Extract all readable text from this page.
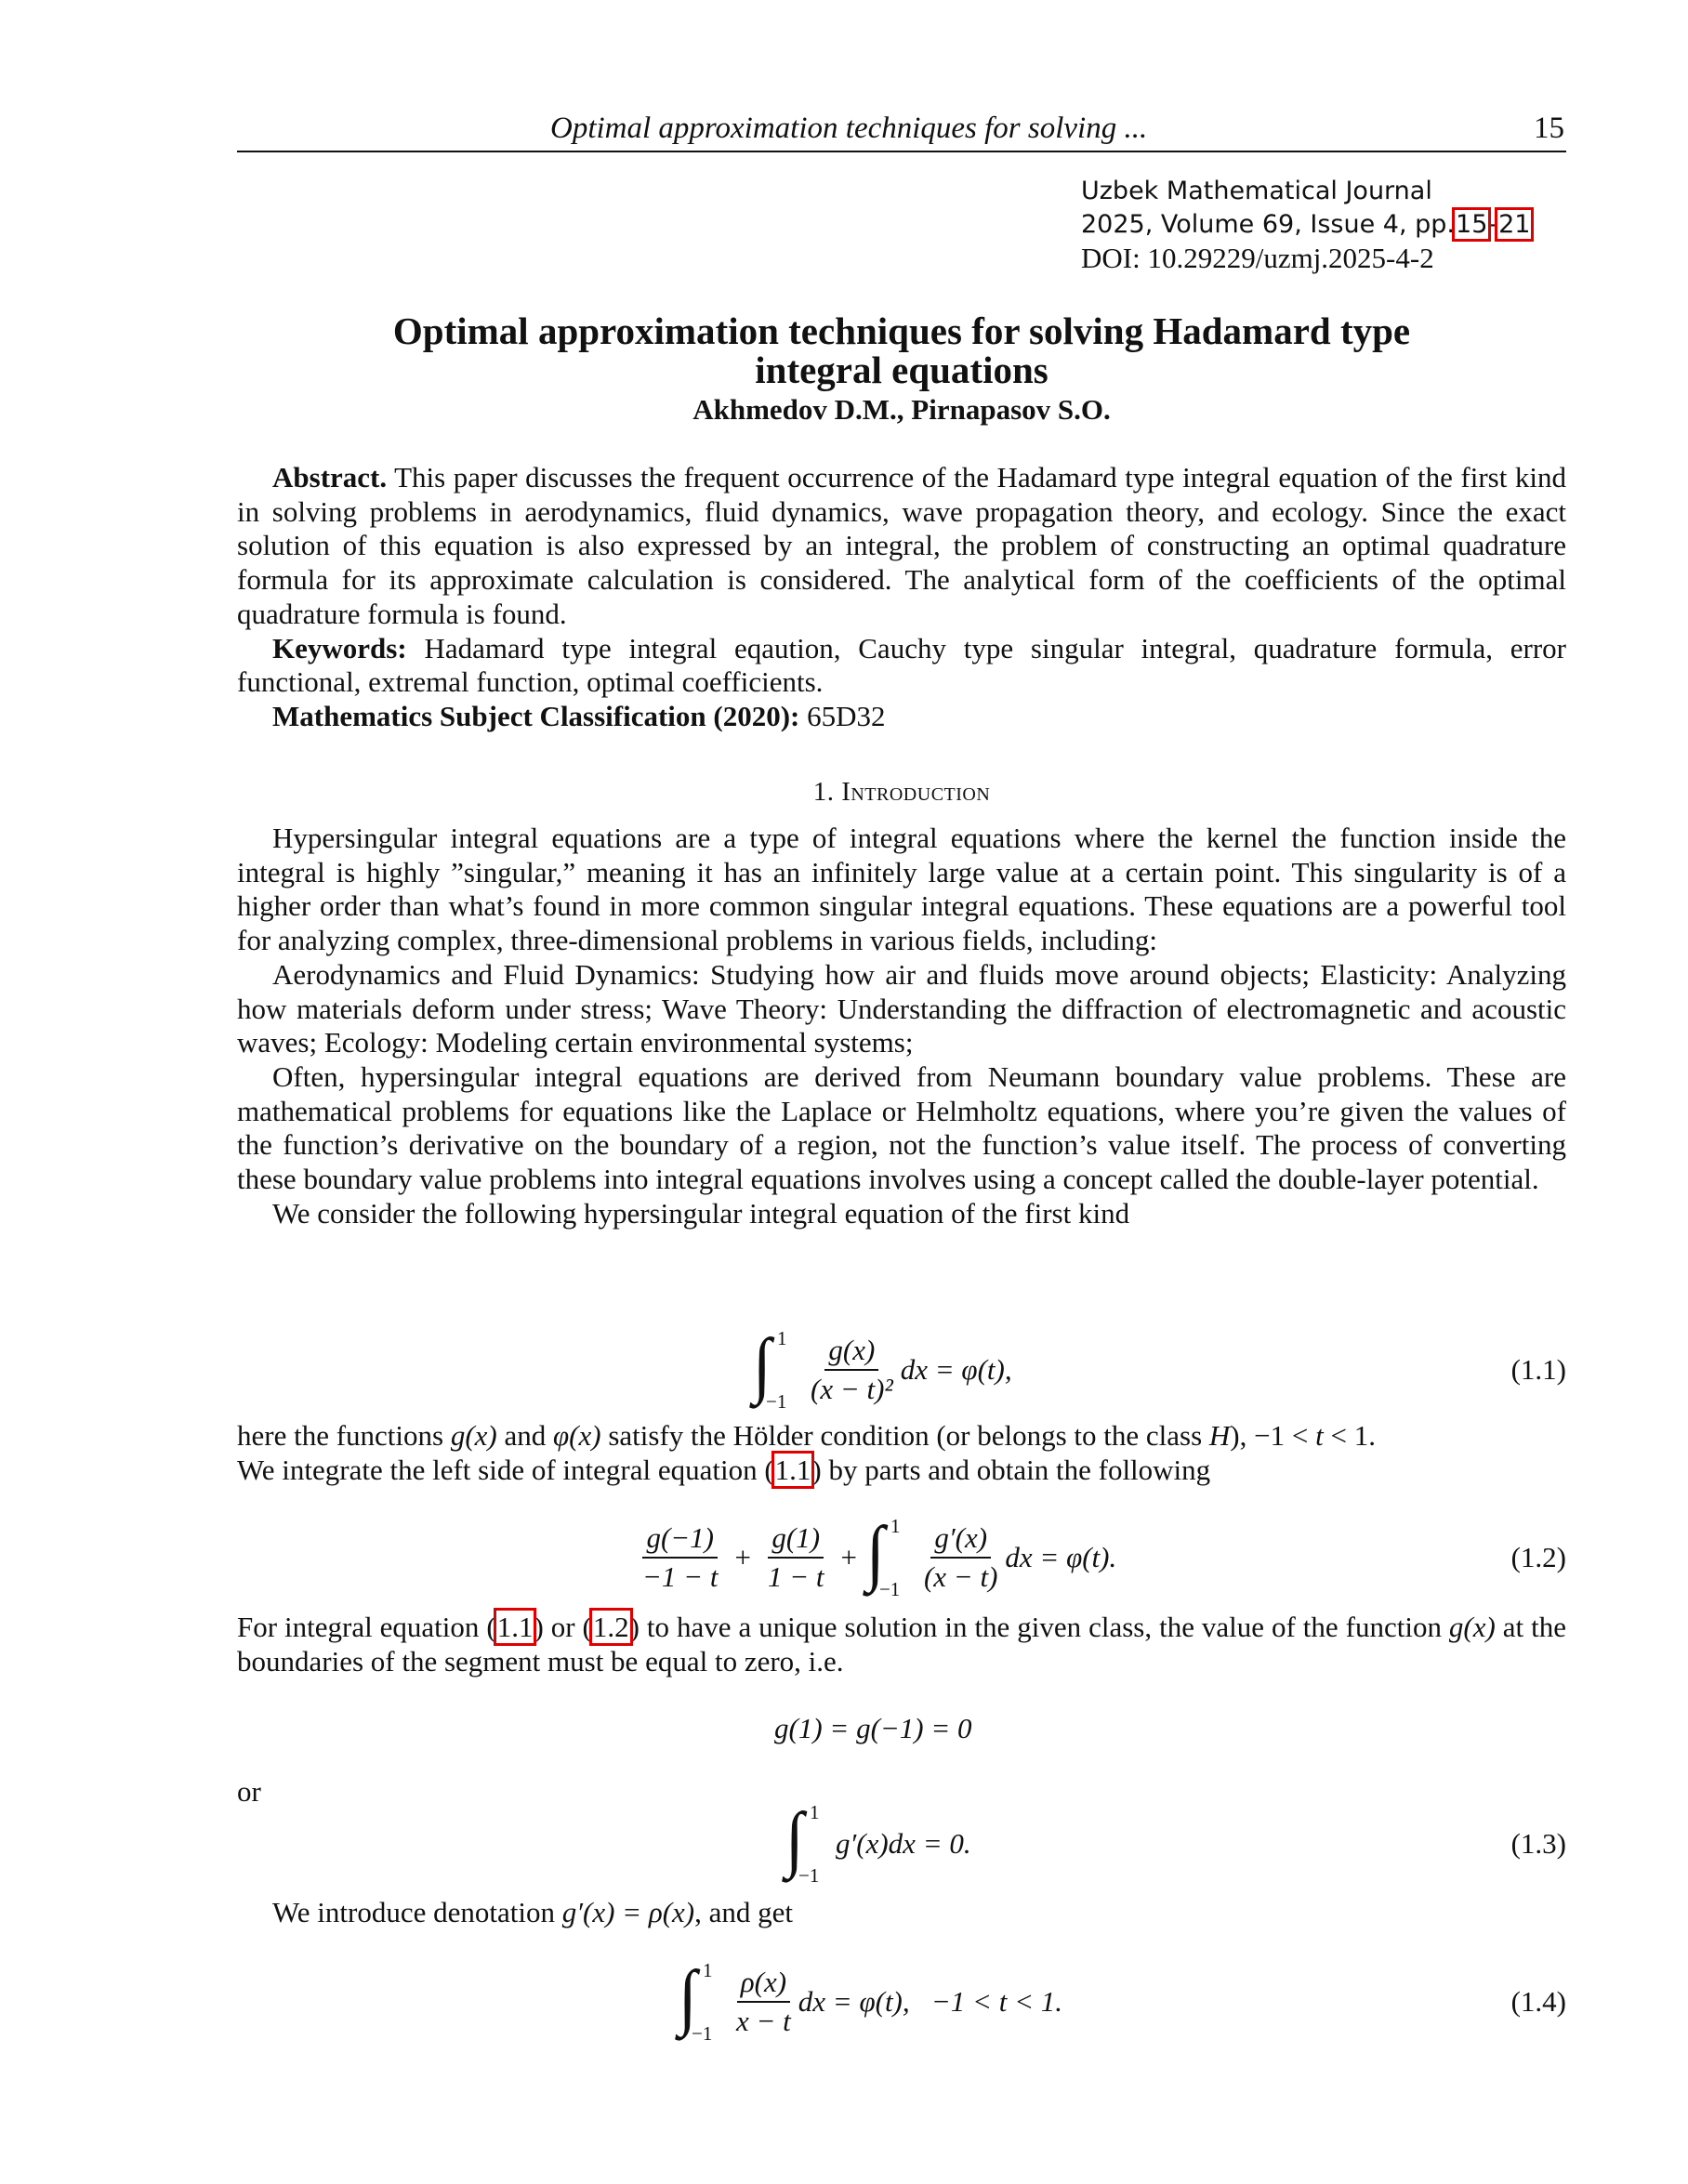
Optimal approximation techniques for solving ...	15
Uzbek Mathematical Journal
2025, Volume 69, Issue 4, pp.15-21
DOI: 10.29229/uzmj.2025-4-2
Optimal approximation techniques for solving Hadamard type
integral equations
Akhmedov D.M., Pirnapasov S.O.

Abstract. This paper discusses the frequent occurrence of the Hadamard type integral equation of the first kind in solving problems in aerodynamics, fluid dynamics, wave propagation theory, and ecology. Since the exact solution of this equation is also expressed by an integral, the problem of constructing an optimal quadrature formula for its approximate calculation is considered. The analytical form of the coefficients of the optimal quadrature formula is found.

Keywords: Hadamard type integral eqaution, Cauchy type singular integral, quadrature formula, error functional, extremal function, optimal coefficients.

Mathematics Subject Classification (2020): 65D32

1. Introduction

Hypersingular integral equations are a type of integral equations where the kernel the function inside the integral is highly ”singular,” meaning it has an infinitely large value at a certain point. This singularity is of a higher order than what’s found in more common singular integral equations. These equations are a powerful tool for analyzing complex, three-dimensional problems in various fields, including:

Aerodynamics and Fluid Dynamics: Studying how air and fluids move around objects; Elasticity: Analyzing how materials deform under stress; Wave Theory: Understanding the diffraction of electromagnetic and acoustic waves; Ecology: Modeling certain environmental systems;

Often, hypersingular integral equations are derived from Neumann boundary value problems. These are mathematical problems for equations like the Laplace or Helmholtz equations, where you’re given the values of the function’s derivative on the boundary of a region, not the function’s value itself. The process of converting these boundary value problems into integral equations involves using a concept called the double-layer potential.

We consider the following hypersingular integral equation of the first kind

∫ 1
$-1 \frac{g(x)}{\text{(x − t)²}}$ dx = φ(t),	(1.1)

here the functions g(x) and φ(x) satisfy the Hölder condition (or belongs to the class H), −1 < t < 1.

We integrate the left side of integral equation (1.1) by parts and obtain the following

$\frac{g(-1)}{-1 - t} + \frac{g(1)}{1 - t}$ + ∫ 1
$-1 \frac{g'(x)}{(x - t)}$ dx = φ(t).	(1.2)

For integral equation (1.1) or (1.2) to have a unique solution in the given class, the value of the function g(x) at the boundaries of the segment must be equal to zero, i.e.

g(1) = g(−1) = 0

or

∫ 1
−1
g′(x)dx = 0.	(1.3)

We introduce denotation g′(x) = ρ(x), and get

∫ 1
$-1 \frac{\rho(x)}{x - t}$ dx = φ(t),   −1 < t < 1.	(1.4)
